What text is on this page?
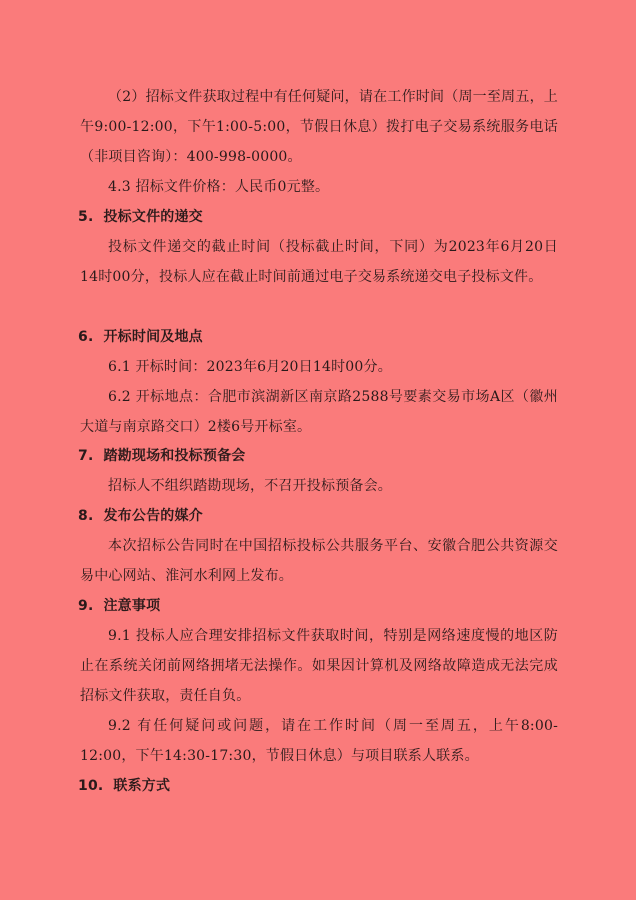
（2）招标文件获取过程中有任何疑问，请在工作时间（周一至周五，上午9:00-12:00，下午1:00-5:00，节假日休息）拨打电子交易系统服务电话（非项目咨询）：400-998-0000。

4.3 招标文件价格：人民币0元整。

5. 投标文件的递交

投标文件递交的截止时间（投标截止时间，下同）为2023年6月20日14时00分，投标人应在截止时间前通过电子交易系统递交电子投标文件。

6. 开标时间及地点

6.1 开标时间：2023年6月20日14时00分。

6.2 开标地点：合肥市滨湖新区南京路2588号要素交易市场A区（徽州大道与南京路交口）2楼6号开标室。

7. 踏勘现场和投标预备会

招标人不组织踏勘现场，不召开投标预备会。

8. 发布公告的媒介

本次招标公告同时在中国招标投标公共服务平台、安徽合肥公共资源交易中心网站、淮河水利网上发布。

9. 注意事项

9.1 投标人应合理安排招标文件获取时间，特别是网络速度慢的地区防止在系统关闭前网络拥堵无法操作。如果因计算机及网络故障造成无法完成招标文件获取，责任自负。

9.2 有任何疑问或问题，请在工作时间（周一至周五，上午8:00-12:00，下午14:30-17:30，节假日休息）与项目联系人联系。

10. 联系方式
